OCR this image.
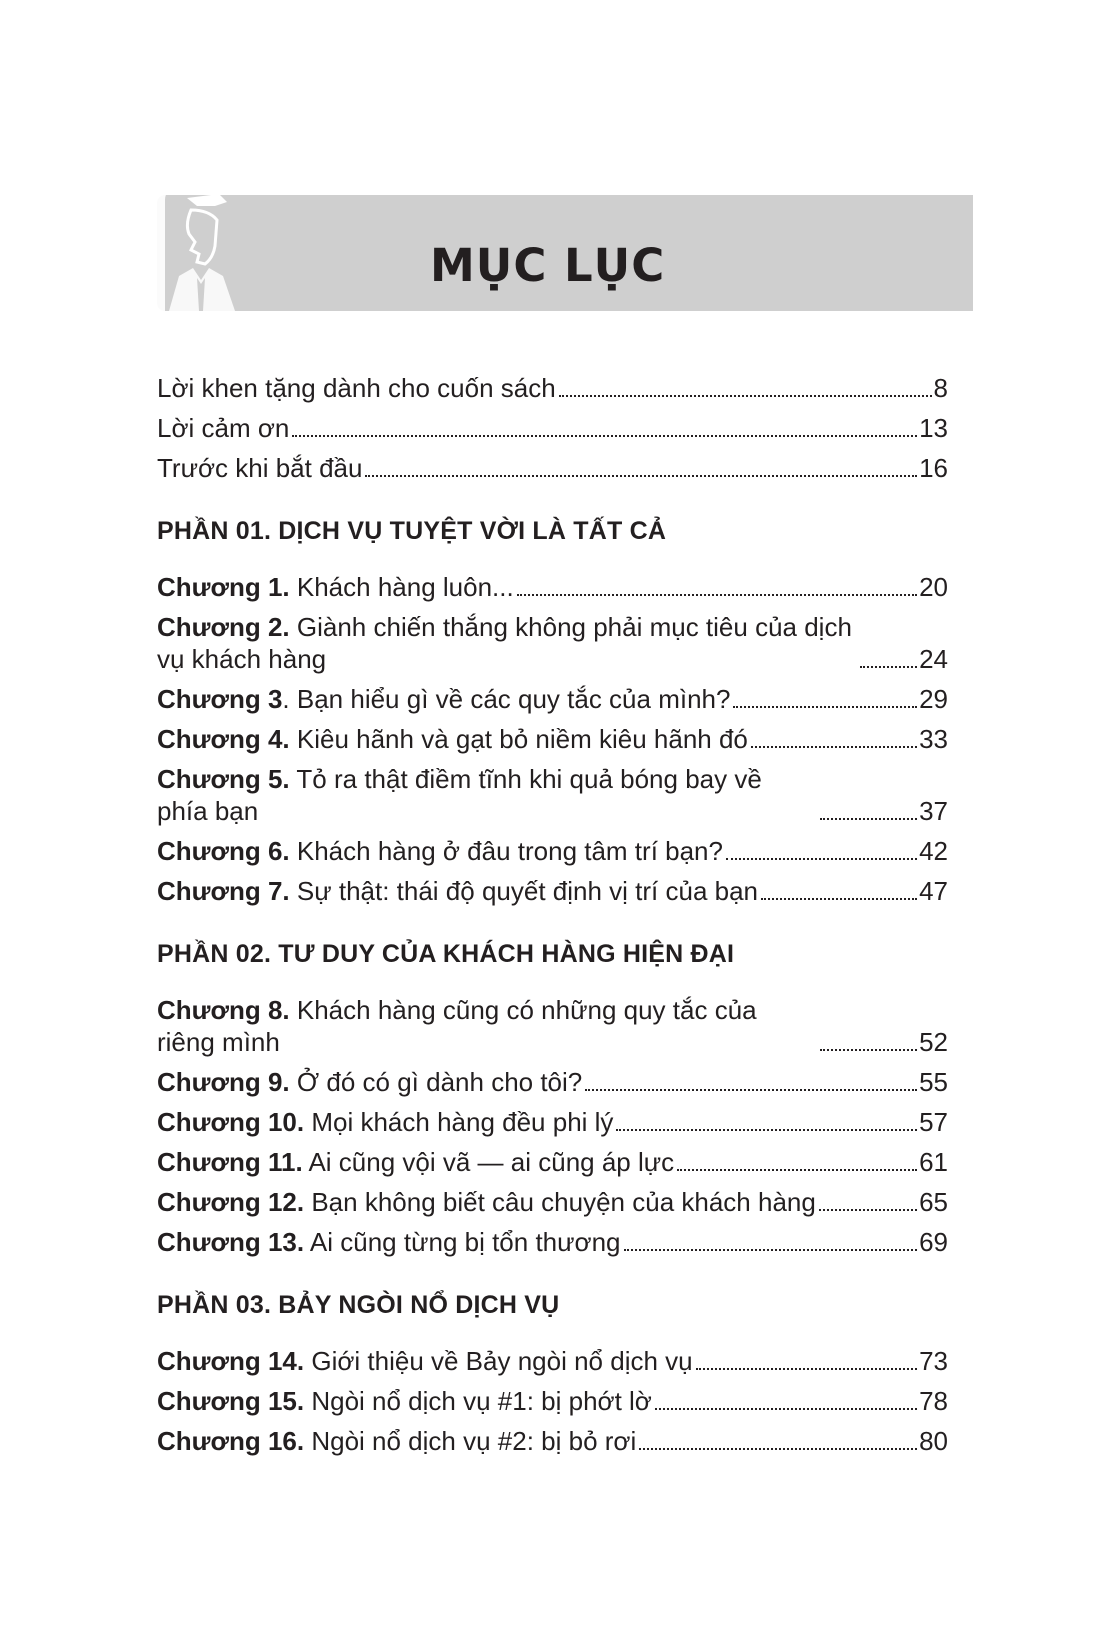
MỤC LỤC
Lời khen tặng dành cho cuốn sách	8
Lời cảm ơn	13
Trước khi bắt đầu	16
PHẦN 01. DỊCH VỤ TUYỆT VỜI LÀ TẤT CẢ
Chương 1. Khách hàng luôn...	20
Chương 2. Giành chiến thắng không phải mục tiêu của dịch vụ khách hàng	24
Chương 3. Bạn hiểu gì về các quy tắc của mình?	29
Chương 4. Kiêu hãnh và gạt bỏ niềm kiêu hãnh đó	33
Chương 5. Tỏ ra thật điềm tĩnh khi quả bóng bay về phía bạn	37
Chương 6. Khách hàng ở đâu trong tâm trí bạn?	42
Chương 7. Sự thật: thái độ quyết định vị trí của bạn	47
PHẦN 02. TƯ DUY CỦA KHÁCH HÀNG HIỆN ĐẠI
Chương 8. Khách hàng cũng có những quy tắc của riêng mình	52
Chương 9. Ở đó có gì dành cho tôi?	55
Chương 10. Mọi khách hàng đều phi lý	57
Chương 11. Ai cũng vội vã — ai cũng áp lực	61
Chương 12. Bạn không biết câu chuyện của khách hàng	65
Chương 13. Ai cũng từng bị tổn thương	69
PHẦN 03. BẢY NGÒI NỔ DỊCH VỤ
Chương 14. Giới thiệu về Bảy ngòi nổ dịch vụ	73
Chương 15. Ngòi nổ dịch vụ #1: bị phớt lờ	78
Chương 16. Ngòi nổ dịch vụ #2: bị bỏ rơi	80
